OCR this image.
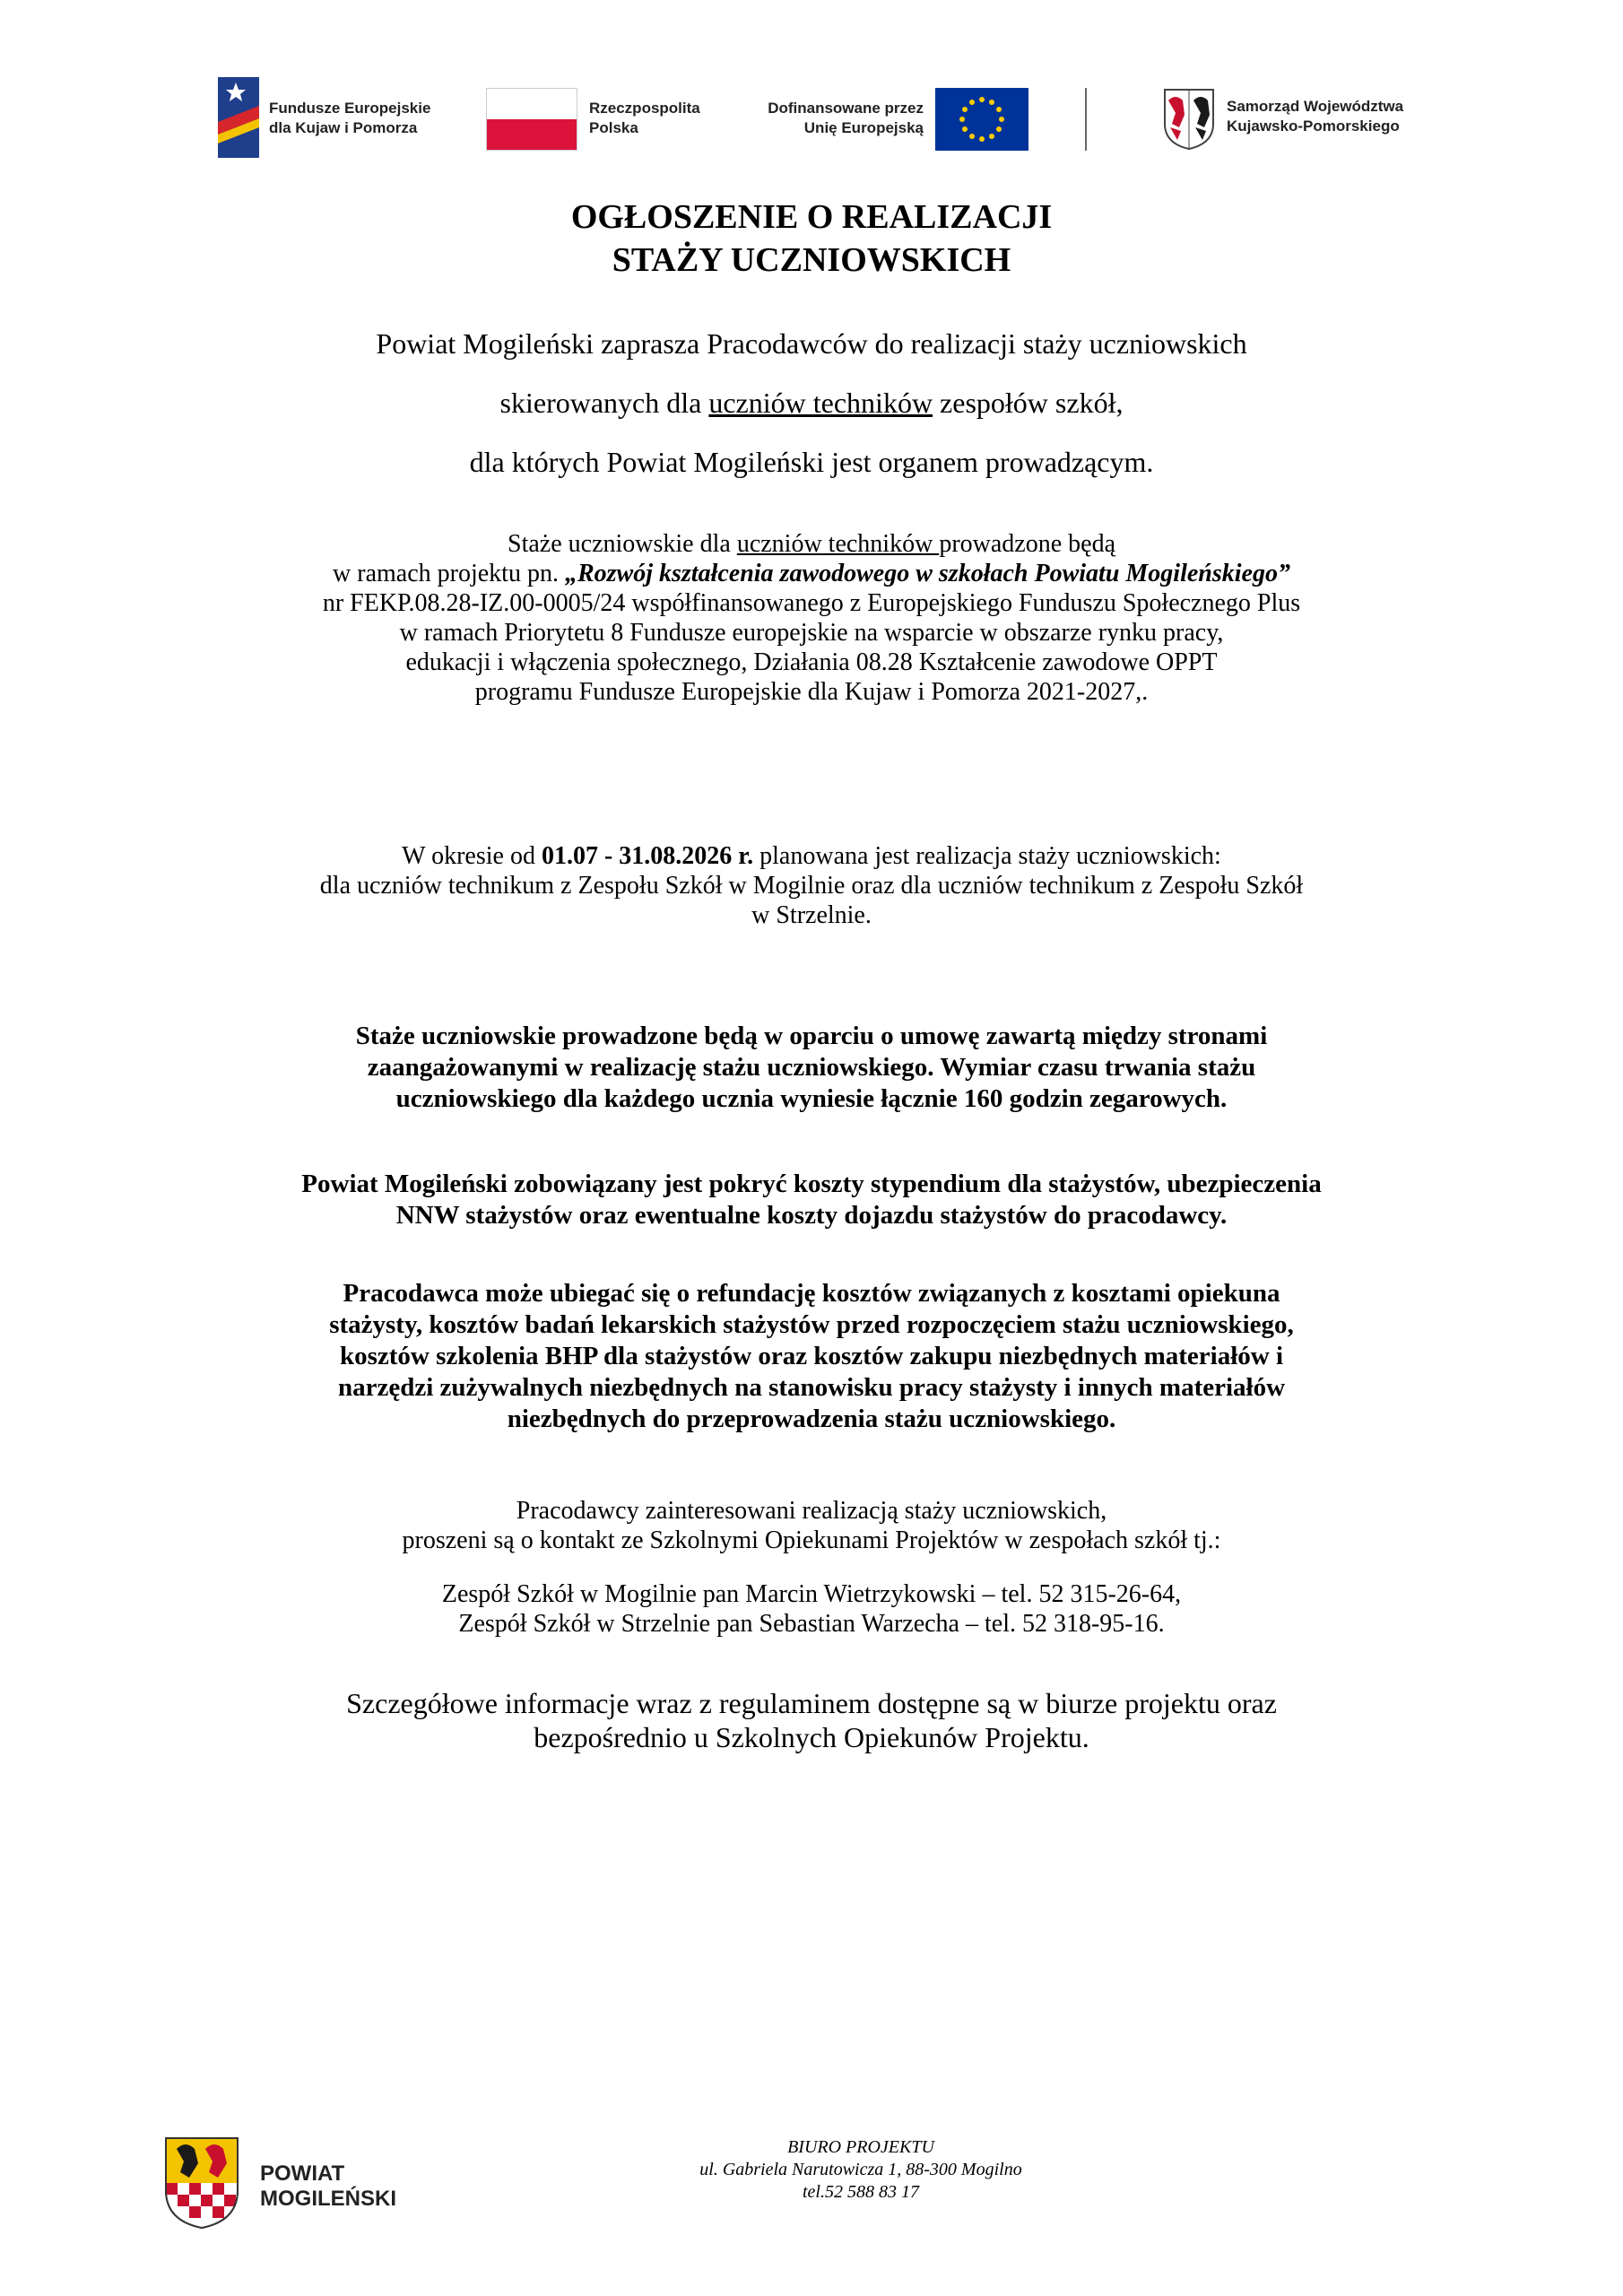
Fundusze Europejskie
dla Kujaw i Pomorza
Rzeczpospolita
Polska
Dofinansowane przez
Unię Europejską
Samorząd Województwa
Kujawsko-Pomorskiego
OGŁOSZENIE O REALIZACJI
STAŻY UCZNIOWSKICH
Powiat Mogileński zaprasza Pracodawców do realizacji staży uczniowskich
skierowanych dla uczniów techników zespołów szkół,
dla których Powiat Mogileński jest organem prowadzącym.
Staże uczniowskie dla uczniów techników prowadzone będą
w ramach projektu pn. „Rozwój kształcenia zawodowego w szkołach Powiatu Mogileńskiego”
nr FEKP.08.28-IZ.00-0005/24 współfinansowanego z Europejskiego Funduszu Społecznego Plus
w ramach Priorytetu 8 Fundusze europejskie na wsparcie w obszarze rynku pracy,
edukacji i włączenia społecznego, Działania 08.28 Kształcenie zawodowe OPPT
programu Fundusze Europejskie dla Kujaw i Pomorza 2021-2027,.
W okresie od 01.07 - 31.08.2026 r. planowana jest realizacja staży uczniowskich:
dla uczniów technikum z Zespołu Szkół w Mogilnie oraz dla uczniów technikum z Zespołu Szkół
w Strzelnie.
Staże uczniowskie prowadzone będą w oparciu o umowę zawartą między stronami
zaangażowanymi w realizację stażu uczniowskiego. Wymiar czasu trwania stażu
uczniowskiego dla każdego ucznia wyniesie łącznie 160 godzin zegarowych.
Powiat Mogileński zobowiązany jest pokryć koszty stypendium dla stażystów, ubezpieczenia
NNW stażystów oraz ewentualne koszty dojazdu stażystów do pracodawcy.
Pracodawca może ubiegać się o refundację kosztów związanych z kosztami opiekuna
stażysty, kosztów badań lekarskich stażystów przed rozpoczęciem stażu uczniowskiego,
kosztów szkolenia BHP dla stażystów oraz kosztów zakupu niezbędnych materiałów i
narzędzi zużywalnych niezbędnych na stanowisku pracy stażysty i innych materiałów
niezbędnych do przeprowadzenia stażu uczniowskiego.
Pracodawcy zainteresowani realizacją staży uczniowskich,
proszeni są o kontakt ze Szkolnymi Opiekunami Projektów w zespołach szkół tj.:
Zespół Szkół w Mogilnie pan Marcin Wietrzykowski – tel. 52 315-26-64,
Zespół Szkół w Strzelnie pan Sebastian Warzecha – tel. 52 318-95-16.
Szczegółowe informacje wraz z regulaminem dostępne są w biurze projektu oraz
bezpośrednio u Szkolnych Opiekunów Projektu.
POWIAT
MOGILEŃSKI
BIURO PROJEKTU
ul. Gabriela Narutowicza 1, 88-300 Mogilno
tel.52 588 83 17
